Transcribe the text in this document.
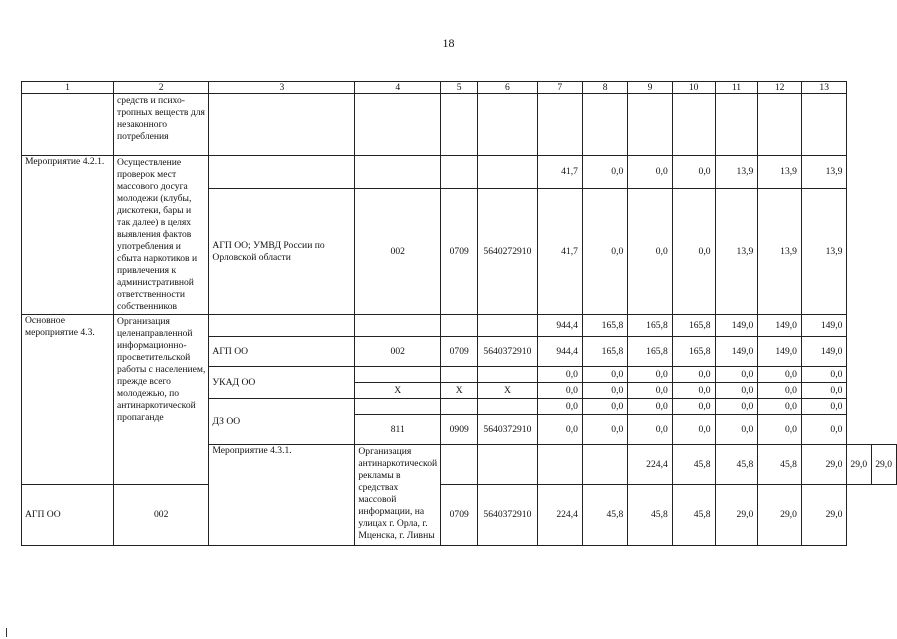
18
1	2	3	4	5	6	7	8	9	10	11	12	13		
	средств и психо-тропных веществ для незаконного потребления													
Мероприятие 4.2.1.	Осуществление проверок мест массового досуга молодежи (клубы, дискотеки, бары и так далее) в целях выявления фактов употребления и сбыта наркотиков и привлечения к административной ответственности собственников					41,7	0,0	0,0	0,0	13,9	13,9	13,9		
		АГП ОО; УМВД России по Орловской области	002	0709	5640272910	41,7	0,0	0,0	0,0	13,9	13,9	13,9		
Основное мероприятие 4.3.	Организация целенаправленной информационно-просветительской работы с населением, прежде всего молодежью, по антинаркотической пропаганде					944,4	165,8	165,8	165,8	149,0	149,0	149,0		
		АГП ОО	002	0709	5640372910	944,4	165,8	165,8	165,8	149,0	149,0	149,0		
		УКАД ОО				0,0	0,0	0,0	0,0	0,0	0,0	0,0		
			Х	Х	Х	0,0	0,0	0,0	0,0	0,0	0,0	0,0		
		ДЗ ОО				0,0	0,0	0,0	0,0	0,0	0,0	0,0		
			811	0909	5640372910	0,0	0,0	0,0	0,0	0,0	0,0	0,0		
		Мероприятие 4.3.1.	Организация антинаркотической рекламы в средствах массовой информации, на улицах г. Орла, г. Мценска, г. Ливны					224,4	45,8	45,8	45,8	29,0	29,0	29,0
АГП ОО	002			0709	5640372910	224,4	45,8	45,8	45,8	29,0	29,0	29,0		
